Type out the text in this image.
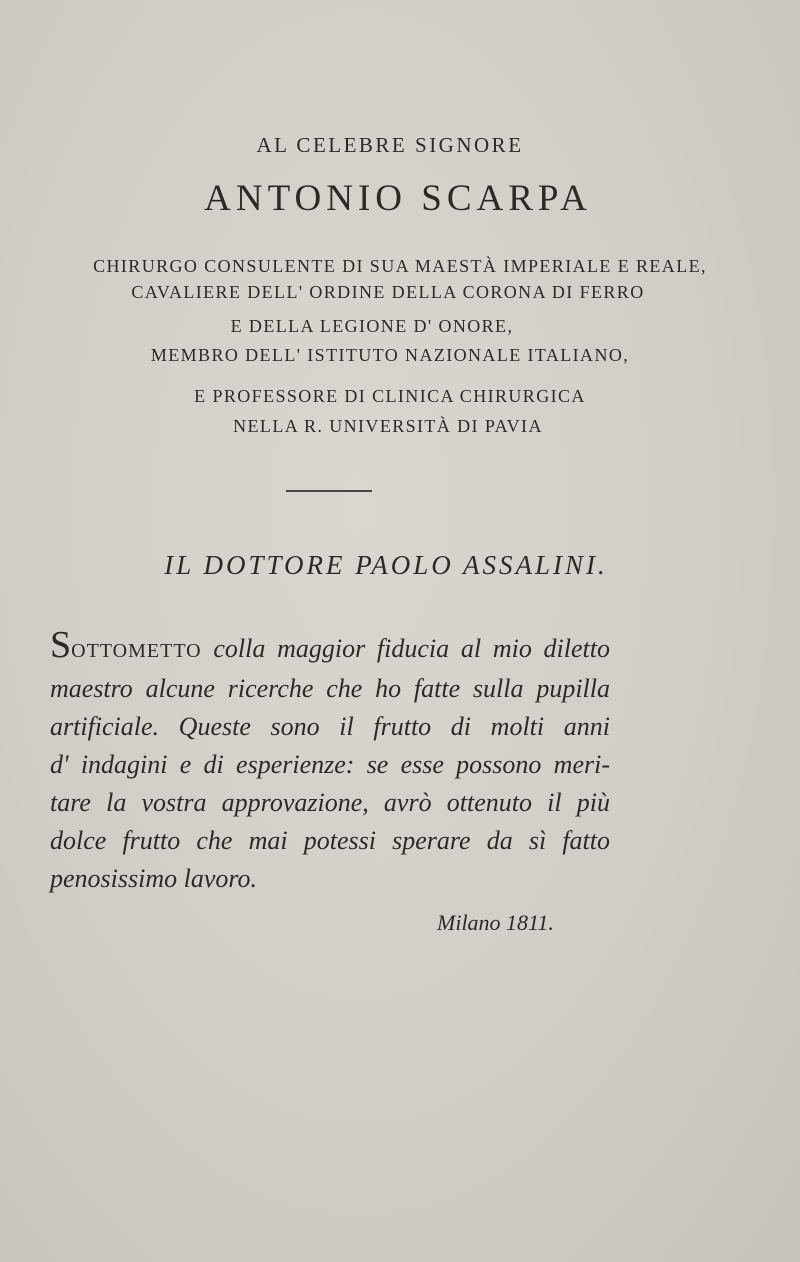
AL CELEBRE SIGNORE
ANTONIO SCARPA
CHIRURGO CONSULENTE DI SUA MAESTÀ IMPERIALE E REALE,
CAVALIERE DELL' ORDINE DELLA CORONA DI FERRO
E DELLA LEGIONE D' ONORE,
MEMBRO DELL' ISTITUTO NAZIONALE ITALIANO,
E PROFESSORE DI CLINICA CHIRURGICA
NELLA R. UNIVERSITÀ DI PAVIA
IL DOTTORE PAOLO ASSALINI.
SOTTOMETTO colla maggior fiducia al mio diletto
maestro alcune ricerche che ho fatte sulla pupilla
artificiale. Queste sono il frutto di molti anni
d' indagini e di esperienze: se esse possono meri-
tare la vostra approvazione, avrò ottenuto il più
dolce frutto che mai potessi sperare da sì fatto
penosissimo lavoro.
Milano 1811.
